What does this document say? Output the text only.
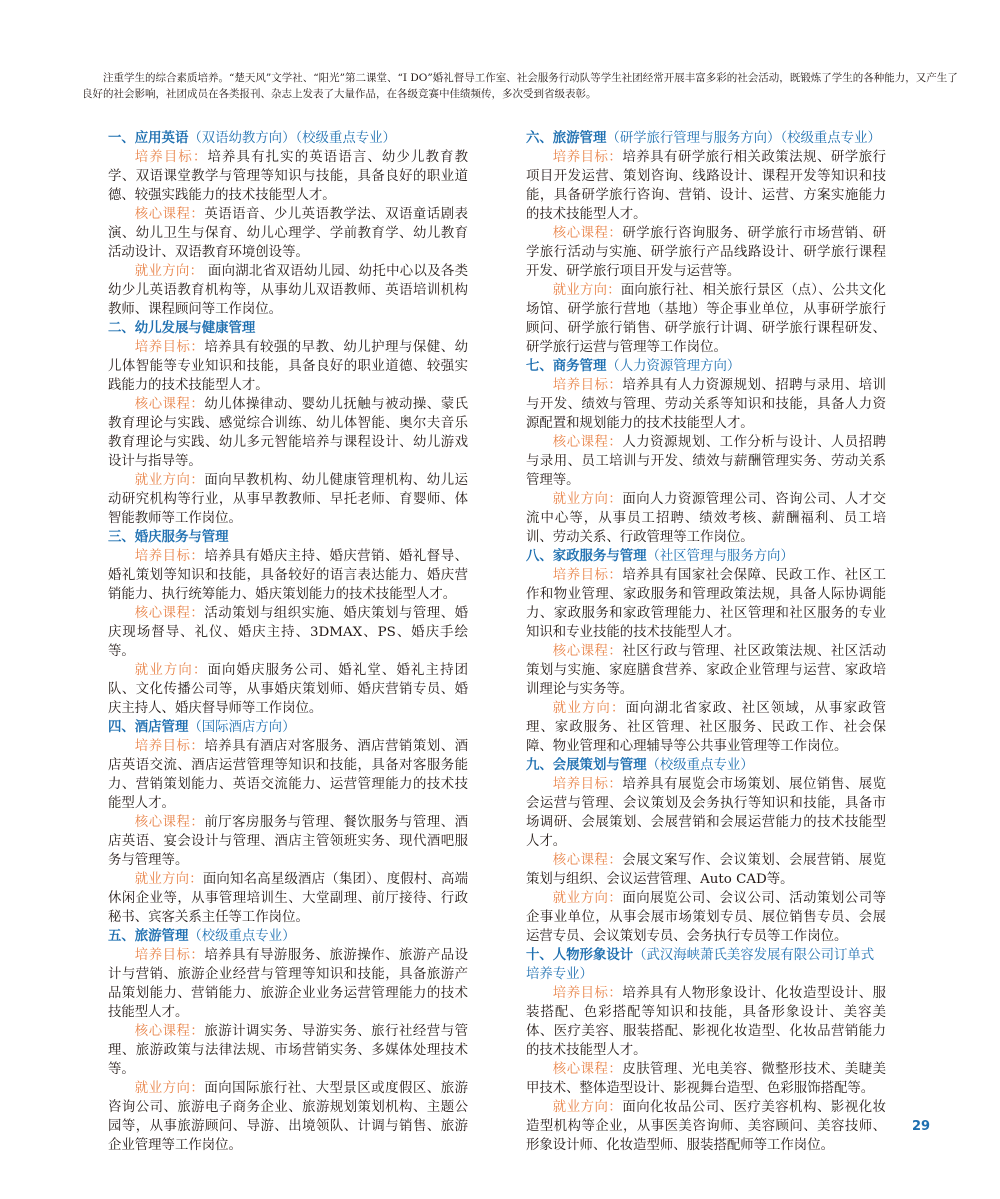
注重学生的综合素质培养。“楚天风”文学社、“阳光”第二课堂、“I DO”婚礼督导工作室、社会服务行动队等学生社团经常开展丰富多彩的社会活动，既锻炼了学生的各种能力，又产生了良好的社会影响，社团成员在各类报刊、杂志上发表了大量作品，在各级竞赛中佳绩频传，多次受到省级表彰。

一、应用英语（双语幼教方向）（校级重点专业）

培养目标：培养具有扎实的英语语言、幼少儿教育教学、双语课堂教学与管理等知识与技能，具备良好的职业道德、较强实践能力的技术技能型人才。

核心课程：英语语音、少儿英语教学法、双语童话剧表演、幼儿卫生与保育、幼儿心理学、学前教育学、幼儿教育活动设计、双语教育环境创设等。

就业方向： 面向湖北省双语幼儿园、幼托中心以及各类幼少儿英语教育机构等，从事幼儿双语教师、英语培训机构教师、课程顾问等工作岗位。

二、幼儿发展与健康管理

培养目标：培养具有较强的早教、幼儿护理与保健、幼儿体智能等专业知识和技能，具备良好的职业道德、较强实践能力的技术技能型人才。

核心课程：幼儿体操律动、婴幼儿抚触与被动操、蒙氏教育理论与实践、感觉综合训练、幼儿体智能、奥尔夫音乐教育理论与实践、幼儿多元智能培养与课程设计、幼儿游戏设计与指导等。

就业方向：面向早教机构、幼儿健康管理机构、幼儿运动研究机构等行业，从事早教教师、早托老师、育婴师、体智能教师等工作岗位。

三、婚庆服务与管理

培养目标：培养具有婚庆主持、婚庆营销、婚礼督导、婚礼策划等知识和技能，具备较好的语言表达能力、婚庆营销能力、执行统筹能力、婚庆策划能力的技术技能型人才。

核心课程：活动策划与组织实施、婚庆策划与管理、婚庆现场督导、礼仪、婚庆主持、3DMAX、PS、婚庆手绘等。

就业方向：面向婚庆服务公司、婚礼堂、婚礼主持团队、文化传播公司等，从事婚庆策划师、婚庆营销专员、婚庆主持人、婚庆督导师等工作岗位。

四、酒店管理（国际酒店方向）

培养目标：培养具有酒店对客服务、酒店营销策划、酒店英语交流、酒店运营管理等知识和技能，具备对客服务能力、营销策划能力、英语交流能力、运营管理能力的技术技能型人才。

核心课程：前厅客房服务与管理、餐饮服务与管理、酒店英语、宴会设计与管理、酒店主管领班实务、现代酒吧服务与管理等。

就业方向：面向知名高星级酒店（集团）、度假村、高端休闲企业等，从事管理培训生、大堂副理、前厅接待、行政秘书、宾客关系主任等工作岗位。

五、旅游管理（校级重点专业）

培养目标：培养具有导游服务、旅游操作、旅游产品设计与营销、旅游企业经营与管理等知识和技能，具备旅游产品策划能力、营销能力、旅游企业业务运营管理能力的技术技能型人才。

核心课程：旅游计调实务、导游实务、旅行社经营与管理、旅游政策与法律法规、市场营销实务、多媒体处理技术等。

就业方向：面向国际旅行社、大型景区或度假区、旅游咨询公司、旅游电子商务企业、旅游规划策划机构、主题公园等，从事旅游顾问、导游、出境领队、计调与销售、旅游企业管理等工作岗位。

六、旅游管理（研学旅行管理与服务方向）（校级重点专业）

培养目标：培养具有研学旅行相关政策法规、研学旅行项目开发运营、策划咨询、线路设计、课程开发等知识和技能，具备研学旅行咨询、营销、设计、运营、方案实施能力的技术技能型人才。

核心课程：研学旅行咨询服务、研学旅行市场营销、研学旅行活动与实施、研学旅行产品线路设计、研学旅行课程开发、研学旅行项目开发与运营等。

就业方向：面向旅行社、相关旅行景区（点）、公共文化场馆、研学旅行营地（基地）等企事业单位，从事研学旅行顾问、研学旅行销售、研学旅行计调、研学旅行课程研发、研学旅行运营与管理等工作岗位。

七、商务管理（人力资源管理方向）

培养目标：培养具有人力资源规划、招聘与录用、培训与开发、绩效与管理、劳动关系等知识和技能，具备人力资源配置和规划能力的技术技能型人才。

核心课程：人力资源规划、工作分析与设计、人员招聘与录用、员工培训与开发、绩效与薪酬管理实务、劳动关系管理等。

就业方向：面向人力资源管理公司、咨询公司、人才交流中心等，从事员工招聘、绩效考核、薪酬福利、员工培训、劳动关系、行政管理等工作岗位。

八、家政服务与管理（社区管理与服务方向）

培养目标：培养具有国家社会保障、民政工作、社区工作和物业管理、家政服务和管理政策法规，具备人际协调能力、家政服务和家政管理能力、社区管理和社区服务的专业知识和专业技能的技术技能型人才。

核心课程：社区行政与管理、社区政策法规、社区活动策划与实施、家庭膳食营养、家政企业管理与运营、家政培训理论与实务等。

就业方向：面向湖北省家政、社区领域，从事家政管理、家政服务、社区管理、社区服务、民政工作、社会保障、物业管理和心理辅导等公共事业管理等工作岗位。

九、会展策划与管理（校级重点专业）

培养目标：培养具有展览会市场策划、展位销售、展览会运营与管理、会议策划及会务执行等知识和技能，具备市场调研、会展策划、会展营销和会展运营能力的技术技能型人才。

核心课程：会展文案写作、会议策划、会展营销、展览策划与组织、会议运营管理、Auto CAD等。

就业方向：面向展览公司、会议公司、活动策划公司等企事业单位，从事会展市场策划专员、展位销售专员、会展运营专员、会议策划专员、会务执行专员等工作岗位。

十、人物形象设计（武汉海峡萧氏美容发展有限公司订单式培养专业）

培养目标：培养具有人物形象设计、化妆造型设计、服装搭配、色彩搭配等知识和技能，具备形象设计、美容美体、医疗美容、服装搭配、影视化妆造型、化妆品营销能力的技术技能型人才。

核心课程：皮肤管理、光电美容、微整形技术、美睫美甲技术、整体造型设计、影视舞台造型、色彩服饰搭配等。

就业方向：面向化妆品公司、医疗美容机构、影视化妆造型机构等企业，从事医美咨询师、美容顾问、美容技师、形象设计师、化妆造型师、服装搭配师等工作岗位。

29
